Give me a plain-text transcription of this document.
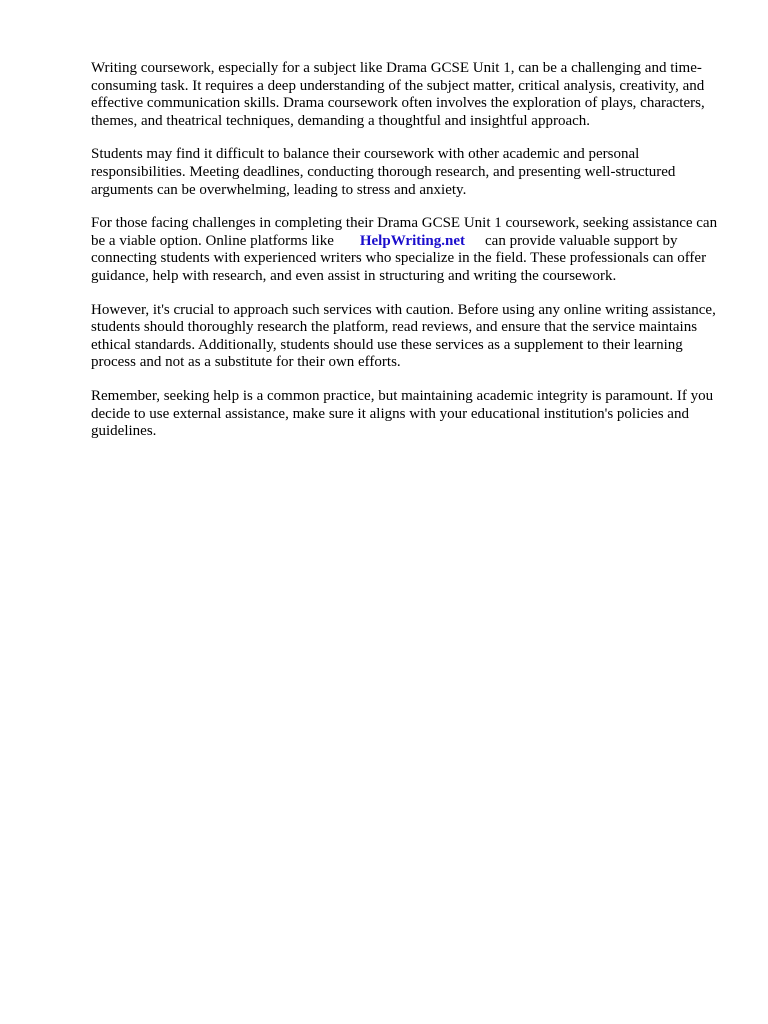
Writing coursework, especially for a subject like Drama GCSE Unit 1, can be a challenging and time-consuming task. It requires a deep understanding of the subject matter, critical analysis, creativity, and effective communication skills. Drama coursework often involves the exploration of plays, characters, themes, and theatrical techniques, demanding a thoughtful and insightful approach.

Students may find it difficult to balance their coursework with other academic and personal responsibilities. Meeting deadlines, conducting thorough research, and presenting well-structured arguments can be overwhelming, leading to stress and anxiety.

For those facing challenges in completing their Drama GCSE Unit 1 coursework, seeking assistance can be a viable option. Online platforms like HelpWriting.net can provide valuable support by connecting students with experienced writers who specialize in the field. These professionals can offer guidance, help with research, and even assist in structuring and writing the coursework.

However, it's crucial to approach such services with caution. Before using any online writing assistance, students should thoroughly research the platform, read reviews, and ensure that the service maintains ethical standards. Additionally, students should use these services as a supplement to their learning process and not as a substitute for their own efforts.

Remember, seeking help is a common practice, but maintaining academic integrity is paramount. If you decide to use external assistance, make sure it aligns with your educational institution's policies and guidelines.
